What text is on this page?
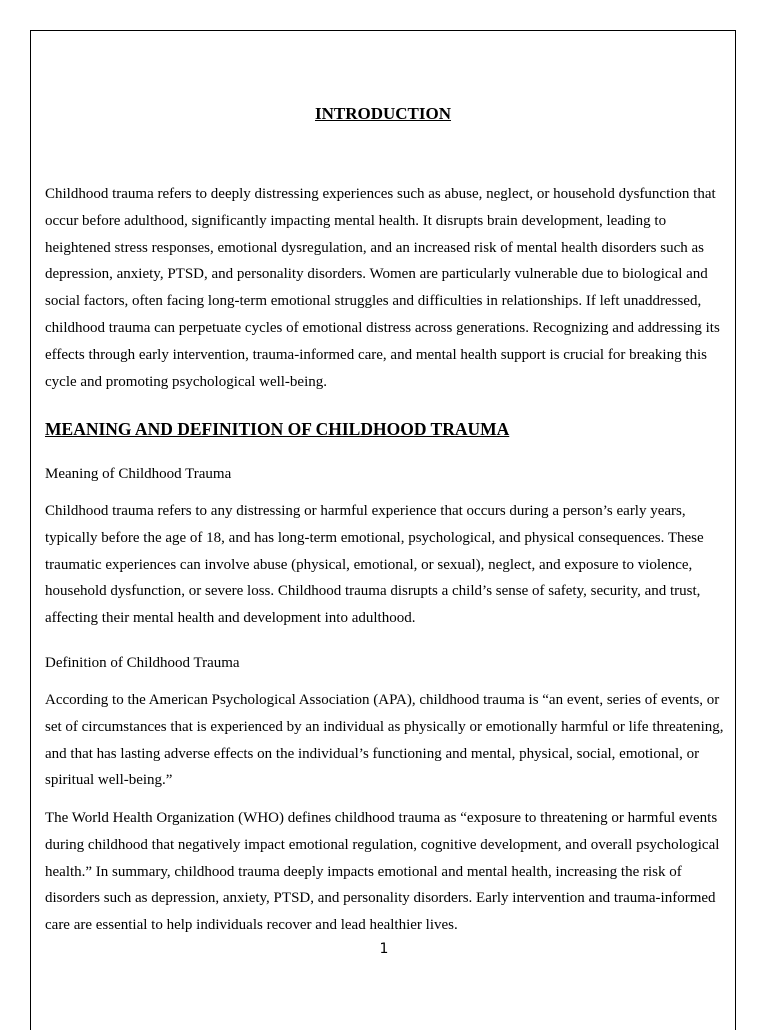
INTRODUCTION

Childhood trauma refers to deeply distressing experiences such as abuse, neglect, or household dysfunction that occur before adulthood, significantly impacting mental health. It disrupts brain development, leading to heightened stress responses, emotional dysregulation, and an increased risk of mental health disorders such as depression, anxiety, PTSD, and personality disorders. Women are particularly vulnerable due to biological and social factors, often facing long-term emotional struggles and difficulties in relationships. If left unaddressed, childhood trauma can perpetuate cycles of emotional distress across generations. Recognizing and addressing its effects through early intervention, trauma-informed care, and mental health support is crucial for breaking this cycle and promoting psychological well-being.

MEANING AND DEFINITION OF CHILDHOOD TRAUMA

Meaning of Childhood Trauma

Childhood trauma refers to any distressing or harmful experience that occurs during a person’s early years, typically before the age of 18, and has long-term emotional, psychological, and physical consequences. These traumatic experiences can involve abuse (physical, emotional, or sexual), neglect, and exposure to violence, household dysfunction, or severe loss. Childhood trauma disrupts a child’s sense of safety, security, and trust, affecting their mental health and development into adulthood.

Definition of Childhood Trauma

According to the American Psychological Association (APA), childhood trauma is “an event, series of events, or set of circumstances that is experienced by an individual as physically or emotionally harmful or life threatening, and that has lasting adverse effects on the individual’s functioning and mental, physical, social, emotional, or spiritual well-being.”

The World Health Organization (WHO) defines childhood trauma as “exposure to threatening or harmful events during childhood that negatively impact emotional regulation, cognitive development, and overall psychological health.” In summary, childhood trauma deeply impacts emotional and mental health, increasing the risk of disorders such as depression, anxiety, PTSD, and personality disorders. Early intervention and trauma-informed care are essential to help individuals recover and lead healthier lives.

1
